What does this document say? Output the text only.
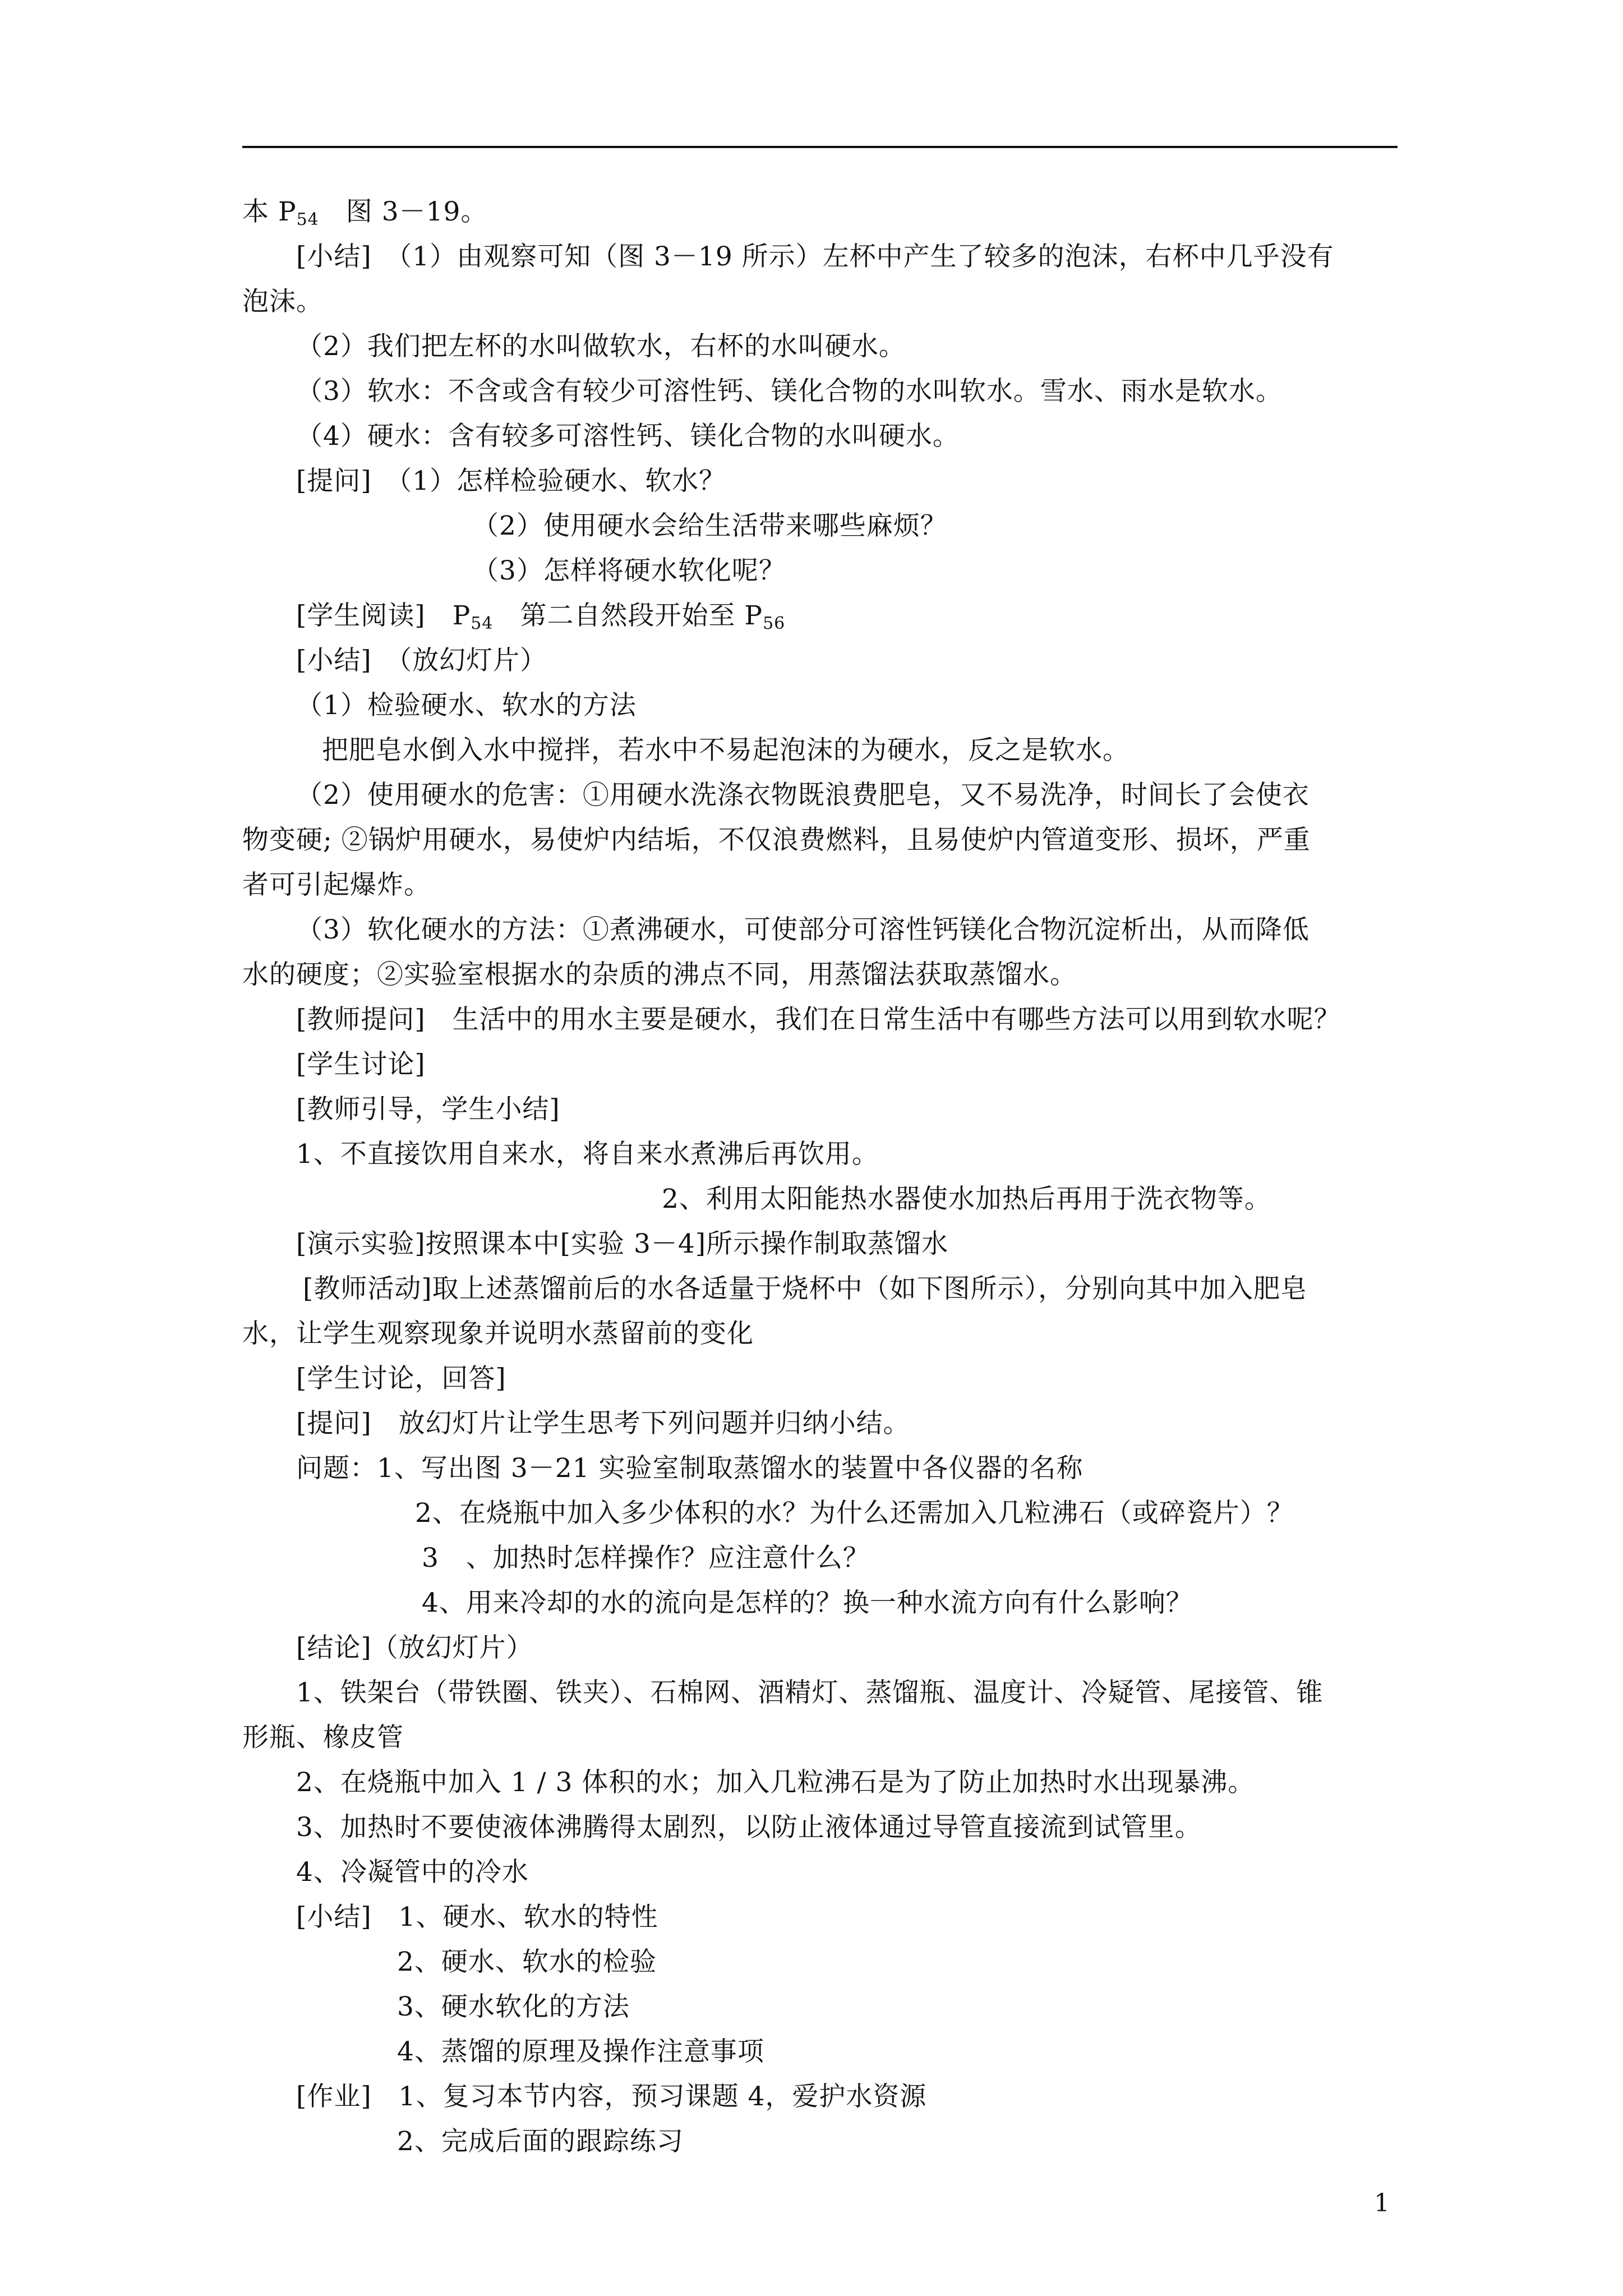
本 $P_{54}$　图 3－19。
[小结]　（1）由观察可知（图 3－19 所示）左杯中产生了较多的泡沫，右杯中几乎没有
泡沫。
（2）我们把左杯的水叫做软水，右杯的水叫硬水。
（3）软水：不含或含有较少可溶性钙、镁化合物的水叫软水。雪水、雨水是软水。
（4）硬水：含有较多可溶性钙、镁化合物的水叫硬水。
[提问]　（1）怎样检验硬水、软水？
（2）使用硬水会给生活带来哪些麻烦？
（3）怎样将硬水软化呢？
[学生阅读]　$P_{54}$　第二自然段开始至 $P_{56}$
[小结]　（放幻灯片）
（1）检验硬水、软水的方法
把肥皂水倒入水中搅拌，若水中不易起泡沫的为硬水，反之是软水。
（2）使用硬水的危害：①用硬水洗涤衣物既浪费肥皂，又不易洗净，时间长了会使衣
物变硬; ②锅炉用硬水，易使炉内结垢，不仅浪费燃料，且易使炉内管道变形、损坏，严重
者可引起爆炸。
（3）软化硬水的方法：①煮沸硬水，可使部分可溶性钙镁化合物沉淀析出，从而降低
水的硬度；②实验室根据水的杂质的沸点不同，用蒸馏法获取蒸馏水。
[教师提问]　生活中的用水主要是硬水，我们在日常生活中有哪些方法可以用到软水呢？
[学生讨论]
[教师引导，学生小结]
1、不直接饮用自来水，将自来水煮沸后再饮用。
2、利用太阳能热水器使水加热后再用于洗衣物等。
[演示实验]按照课本中[实验 3－4]所示操作制取蒸馏水
[教师活动]取上述蒸馏前后的水各适量于烧杯中（如下图所示），分别向其中加入肥皂
水，让学生观察现象并说明水蒸留前的变化
[学生讨论，回答]
[提问]　放幻灯片让学生思考下列问题并归纳小结。
问题：1、写出图 3－21 实验室制取蒸馏水的装置中各仪器的名称
2、在烧瓶中加入多少体积的水？为什么还需加入几粒沸石（或碎瓷片）？
3　、加热时怎样操作？应注意什么？
4、用来冷却的水的流向是怎样的？换一种水流方向有什么影响？
[结论]（放幻灯片）
1、铁架台（带铁圈、铁夹）、石棉网、酒精灯、蒸馏瓶、温度计、冷疑管、尾接管、锥
形瓶、橡皮管
2、在烧瓶中加入 1 / 3 体积的水；加入几粒沸石是为了防止加热时水出现暴沸。
3、加热时不要使液体沸腾得太剧烈，以防止液体通过导管直接流到试管里。
4、冷凝管中的冷水
[小结]　1、硬水、软水的特性
2、硬水、软水的检验
3、硬水软化的方法
4、蒸馏的原理及操作注意事项
[作业]　1、复习本节内容，预习课题 4，爱护水资源
2、完成后面的跟踪练习
1
